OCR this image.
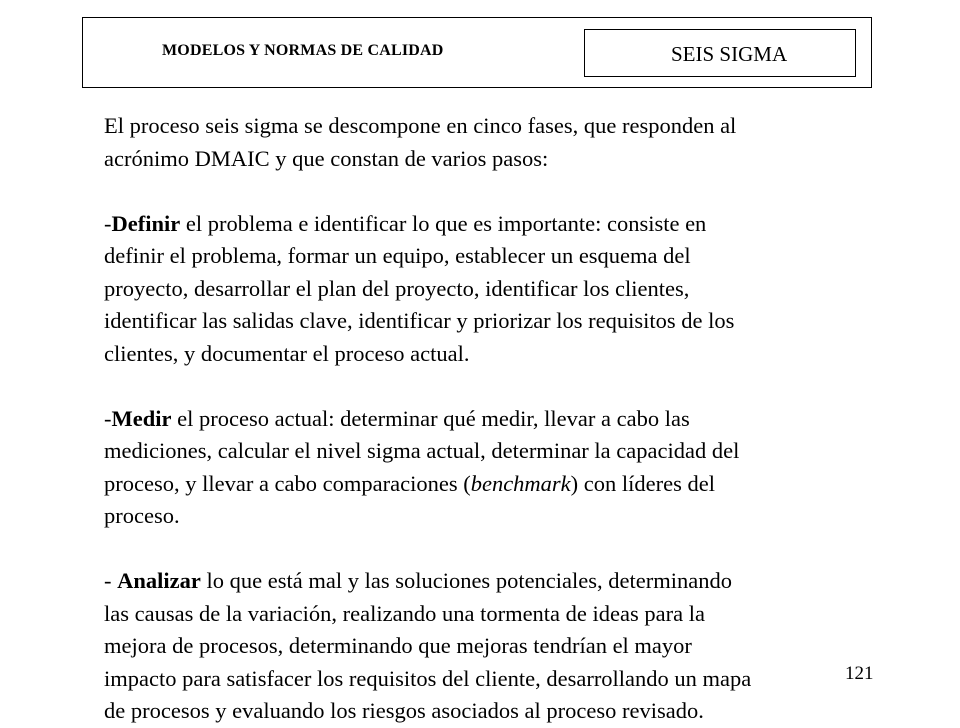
MODELOS Y NORMAS DE CALIDAD	SEIS SIGMA

El proceso seis sigma se descompone en cinco fases, que responden al
acrónimo DMAIC y que constan de varios pasos:

-Definir el problema e identificar lo que es importante: consiste en
definir el problema, formar un equipo, establecer un esquema del
proyecto, desarrollar el plan del proyecto, identificar los clientes,
identificar las salidas clave, identificar y priorizar los requisitos de los
clientes, y documentar el proceso actual.

-Medir el proceso actual: determinar qué medir, llevar a cabo las
mediciones, calcular el nivel sigma actual, determinar la capacidad del
proceso, y llevar a cabo comparaciones (benchmark) con líderes del
proceso.

- Analizar lo que está mal y las soluciones potenciales, determinando
las causas de la variación, realizando una tormenta de ideas para la
mejora de procesos, determinando que mejoras tendrían el mayor
impacto para satisfacer los requisitos del cliente, desarrollando un mapa
de procesos y evaluando los riesgos asociados al proceso revisado.

121
